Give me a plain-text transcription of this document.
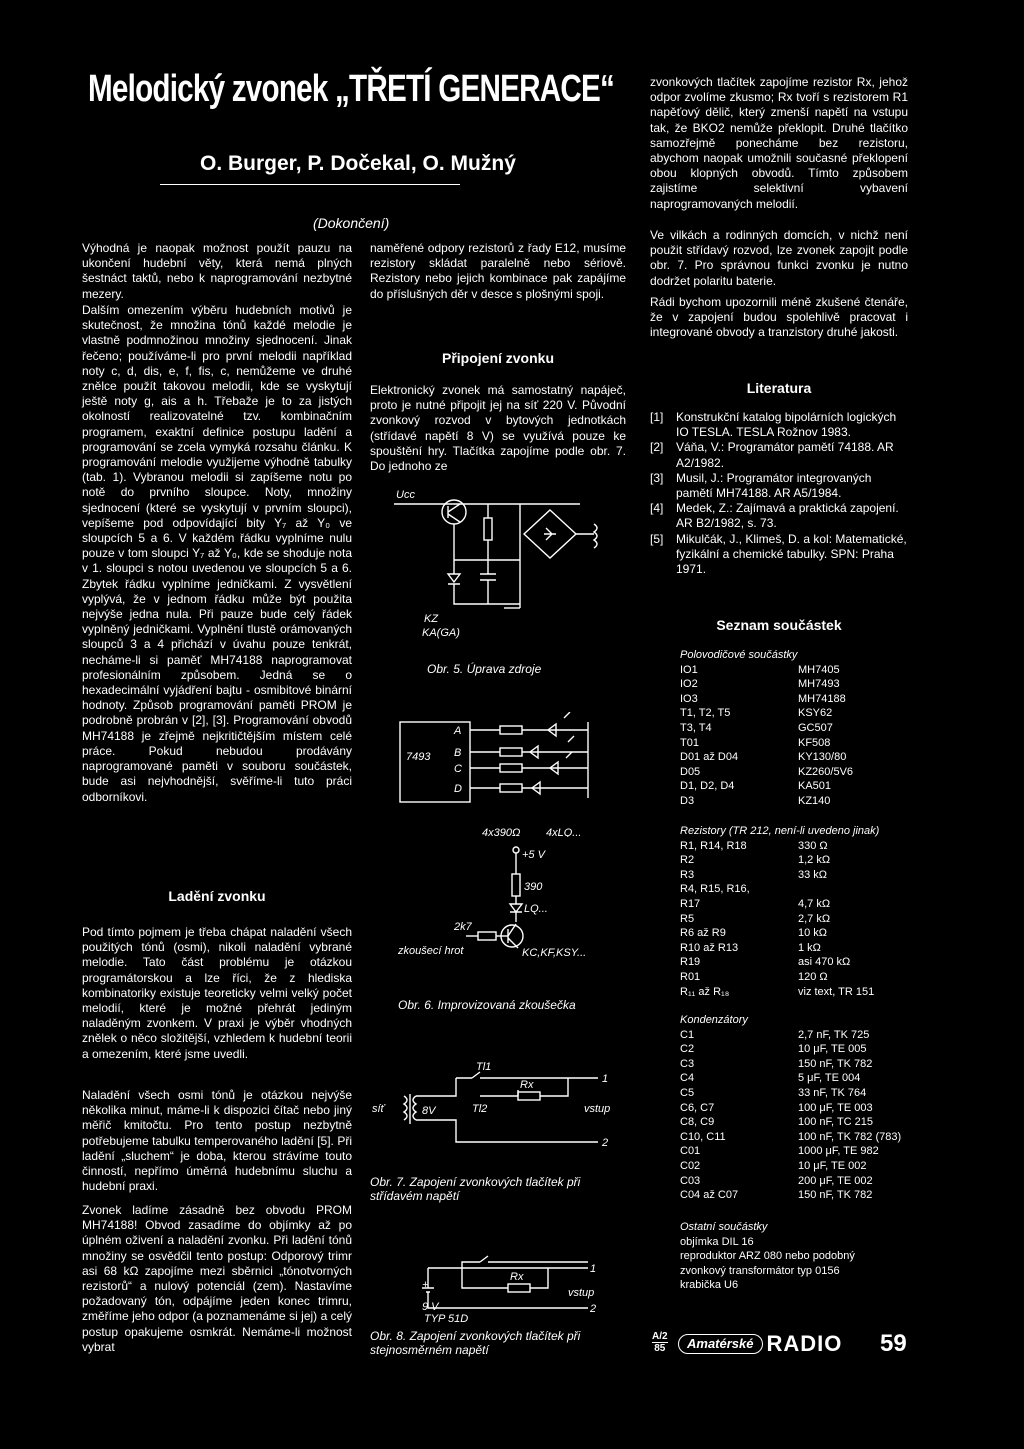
Melodický zvonek „TŘETÍ GENERACE“
O. Burger, P. Dočekal, O. Mužný
(Dokončení)

Výhodná je naopak možnost použít pauzu na ukončení hudební věty, která nemá plných šestnáct taktů, nebo k naprogramování nezbytné mezery.

Dalším omezením výběru hudebních motivů je skutečnost, že množina tónů každé melodie je vlastně podmnožinou množiny sjednocení. Jinak řečeno; používáme-li pro první melodii například noty c, d, dis, e, f, fis, c, nemůžeme ve druhé znělce použít takovou melodii, kde se vyskytují ještě noty g, ais a h. Třebaže je to za jistých okolností realizovatelné tzv. kombinačním programem, exaktní definice postupu ladění a programování se zcela vymyká rozsahu článku. K programování melodie využijeme výhodně tabulky (tab. 1). Vybranou melodii si zapíšeme notu po notě do prvního sloupce. Noty, množiny sjednocení (které se vyskytují v prvním sloupci), vepíšeme pod odpovídající bity Y₇ až Y₀ ve sloupcích 5 a 6. V každém řádku vyplníme nulu pouze v tom sloupci Y₇ až Y₀, kde se shoduje nota v 1. sloupci s notou uvedenou ve sloupcích 5 a 6. Zbytek řádku vyplníme jedničkami. Z vysvětlení vyplývá, že v jednom řádku může být použita nejvýše jedna nula. Při pauze bude celý řádek vyplněný jedničkami. Vyplnění tlustě orámovaných sloupců 3 a 4 přichází v úvahu pouze tenkrát, necháme-li si paměť MH74188 naprogramovat profesionálním způsobem. Jedná se o hexadecimální vyjádření bajtu - osmibitové binární hodnoty. Způsob programování paměti PROM je podrobně probrán v [2], [3]. Programování obvodů MH74188 je zřejmě nejkritičtějším místem celé práce. Pokud nebudou prodávány naprogramované paměti v souboru součástek, bude asi nejvhodnější, svěříme-li tuto práci odborníkovi.

Ladění zvonku

Pod tímto pojmem je třeba chápat naladění všech použitých tónů (osmi), nikoli naladění vybrané melodie. Tato část problému je otázkou programátorskou a lze říci, že z hlediska kombinatoriky existuje teoreticky velmi velký počet melodií, které je možné přehrát jediným naladěným zvonkem. V praxi je výběr vhodných znělek o něco složitější, vzhledem k hudební teorii a omezením, které jsme uvedli.

Naladění všech osmi tónů je otázkou nejvýše několika minut, máme-li k dispozici čítač nebo jiný měřič kmitočtu. Pro tento postup nezbytně potřebujeme tabulku temperovaného ladění [5]. Při ladění „sluchem“ je doba, kterou strávíme touto činností, nepřímo úměrná hudebnímu sluchu a hudební praxi.

Zvonek ladíme zásadně bez obvodu PROM MH74188! Obvod zasadíme do objímky až po úplném oživení a naladění zvonku. Při ladění tónů množiny se osvědčil tento postup: Odporový trimr asi 68 kΩ zapojíme mezi sběrnici „tónotvorných rezistorů“ a nulový potenciál (zem). Nastavíme požadovaný tón, odpájíme jeden konec trimru, změříme jeho odpor (a poznamenáme si jej) a celý postup opakujeme osmkrát. Nemáme-li možnost vybrat

naměřené odpory rezistorů z řady E12, musíme rezistory skládat paralelně nebo sériově. Rezistory nebo jejich kombinace pak zapájíme do příslušných děr v desce s plošnými spoji.

Připojení zvonku

Elektronický zvonek má samostatný napáječ, proto je nutné připojit jej na síť 220 V. Původní zvonkový rozvod v bytových jednotkách (střídavé napětí 8 V) se využívá pouze ke spouštění hry. Tlačítka zapojíme podle obr. 7. Do jednoho ze

Ucc
KZ
KA(GA)
Obr. 5. Úprava zdroje
7493
A
B
C
D
4x390Ω 4xLQ...
+5 V
390
LQ...
2k7
zkoušecí hrot	KC,KF,KSY...
Obr. 6. Improvizovaná zkoušečka
Tl1
1
síť	8V	Tl2
Rx
vstup
2
Obr. 7. Zapojení zvonkových tlačítek při střídavém napětí
1
+
9 V
TYP 51D
Rx
vstup
2
Obr. 8. Zapojení zvonkových tlačítek při stejnosměrném napětí

zvonkových tlačítek zapojíme rezistor Rx, jehož odpor zvolíme zkusmo; Rx tvoří s rezistorem R1 napěťový dělič, který zmenší napětí na vstupu tak, že BKO2 nemůže překlopit. Druhé tlačítko samozřejmě ponecháme bez rezistoru, abychom naopak umožnili současné překlopení obou klopných obvodů. Tímto způsobem zajistíme selektivní vybavení naprogramovaných melodií.

Ve vilkách a rodinných domcích, v nichž není použit střídavý rozvod, lze zvonek zapojit podle obr. 7. Pro správnou funkci zvonku je nutno dodržet polaritu baterie.

Rádi bychom upozornili méně zkušené čtenáře, že v zapojení budou spolehlivě pracovat i integrované obvody a tranzistory druhé jakosti.

Literatura
[1]	Konstrukční katalog bipolárních logických IO TESLA. TESLA Rožnov 1983.
[2]	Váňa, V.: Programátor pamětí 74188. AR A2/1982.
[3]	Musil, J.: Programátor integrovaných pamětí MH74188. AR A5/1984.
[4]	Medek, Z.: Zajímavá a praktická zapojení. AR B2/1982, s. 73.
[5]	Mikulčák, J., Klimeš, D. a kol: Matematické, fyzikální a chemické tabulky. SPN: Praha 1971.
Seznam součástek
Polovodičové součástky
IO1	MH7405
IO2	MH7493
IO3	MH74188
T1, T2, T5	KSY62
T3, T4	GC507
T01	KF508
D01 až D04	KY130/80
D05	KZ260/5V6
D1, D2, D4	KA501
D3	KZ140
Rezistory (TR 212, není-li uvedeno jinak)
R1, R14, R18	330 Ω
R2	1,2 kΩ
R3	33 kΩ
R4, R15, R16,
R17	4,7 kΩ
R5	2,7 kΩ
R6 až R9	10 kΩ
R10 až R13	1 kΩ
R19	asi 470 kΩ
R01	120 Ω
R₁₁ až R₁₈	viz text, TR 151
Kondenzátory
C1	2,7 nF, TK 725
C2	10 μF, TE 005
C3	150 nF, TK 782
C4	5 μF, TE 004
C5	33 nF, TK 764
C6, C7	100 μF, TE 003
C8, C9	100 nF, TC 215
C10, C11	100 nF, TK 782 (783)
C01	1000 μF, TE 982
C02	10 μF, TE 002
C03	200 μF, TE 002
C04 až C07	150 nF, TK 782
Ostatní součástky
objímka DIL 16
reproduktor ARZ 080 nebo podobný zvonkový transformátor typ 0156
krabička U6
A/2
85	Amatérské RADIO 59
